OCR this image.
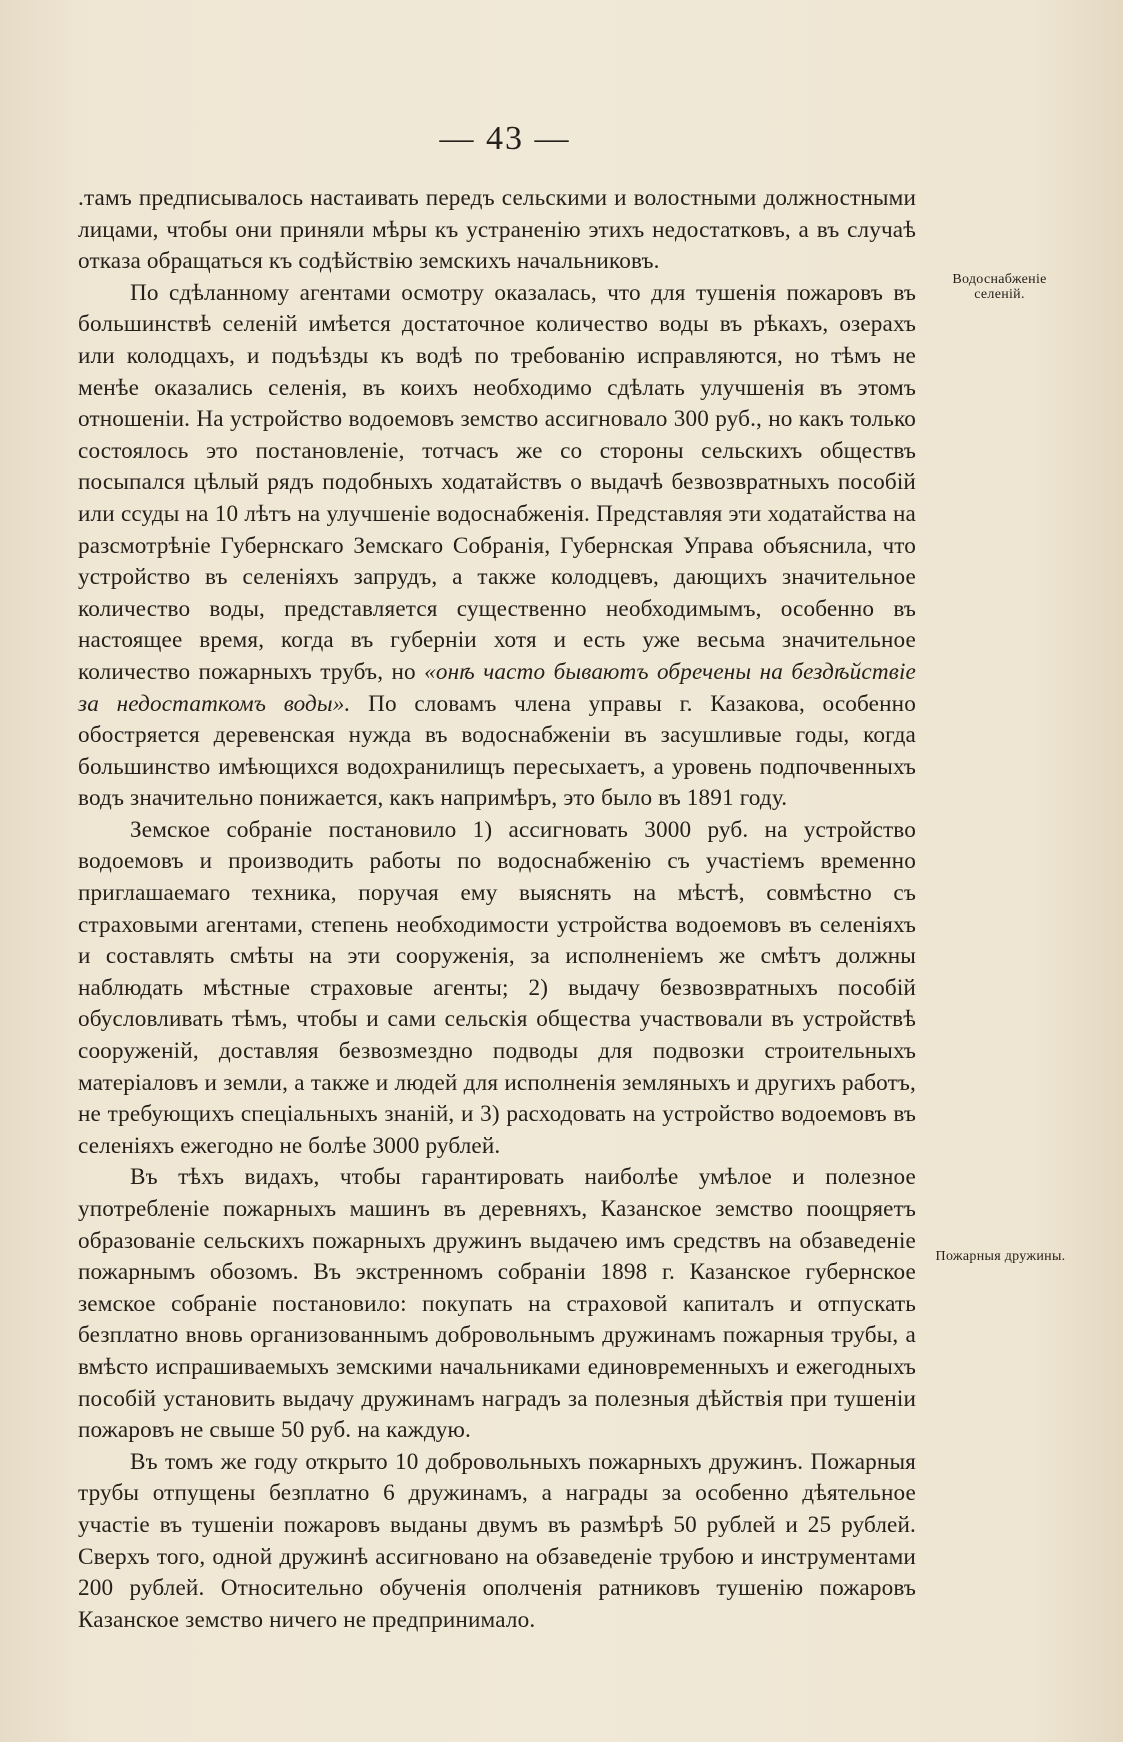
— 43 —
Водоснабженіе селеній.
Пожарныя дружины.

.тамъ предписывалось настаивать передъ сельскими и волостными должностными лицами, чтобы они приняли мѣры къ устраненію этихъ недостатковъ, а въ случаѣ отказа обращаться къ содѣйствію земскихъ начальниковъ.

По сдѣланному агентами осмотру оказалась, что для тушенія пожаровъ въ большинствѣ селеній имѣется достаточное количество воды въ рѣкахъ, озерахъ или колодцахъ, и подъѣзды къ водѣ по требованію исправляются, но тѣмъ не менѣе оказались селенія, въ коихъ необходимо сдѣлать улучшенія въ этомъ отношеніи. На устройство водоемовъ земство ассигновало 300 руб., но какъ только состоялось это постановленіе, тотчасъ же со стороны сельскихъ обществъ посыпался цѣлый рядъ подобныхъ ходатайствъ о выдачѣ безвозвратныхъ пособій или ссуды на 10 лѣтъ на улучшеніе водоснабженія. Представляя эти ходатайства на разсмотрѣніе Губернскаго Земскаго Собранія, Губернская Управа объяснила, что устройство въ селеніяхъ запрудъ, а также колодцевъ, дающихъ значительное количество воды, представляется существенно необходимымъ, особенно въ настоящее время, когда въ губерніи хотя и есть уже весьма значительное количество пожарныхъ трубъ, но «онѣ часто бываютъ обречены на бездѣйствіе за недостаткомъ воды». По словамъ члена управы г. Казакова, особенно обостряется деревенская нужда въ водоснабженіи въ засушливые годы, когда большинство имѣющихся водохранилищъ пересыхаетъ, а уровень подпочвенныхъ водъ значительно понижается, какъ напримѣръ, это было въ 1891 году.

Земское собраніе постановило 1) ассигновать 3000 руб. на устройство водоемовъ и производить работы по водоснабженію съ участіемъ временно приглашаемаго техника, поручая ему выяснять на мѣстѣ, совмѣстно съ страховыми агентами, степень необходимости устройства водоемовъ въ селеніяхъ и составлять смѣты на эти сооруженія, за исполненіемъ же смѣтъ должны наблюдать мѣстные страховые агенты; 2) выдачу безвозвратныхъ пособій обусловливать тѣмъ, чтобы и сами сельскія общества участвовали въ устройствѣ сооруженій, доставляя безвозмездно подводы для подвозки строительныхъ матеріаловъ и земли, а также и людей для исполненія земляныхъ и другихъ работъ, не требующихъ спеціальныхъ знаній, и 3) расходовать на устройство водоемовъ въ селеніяхъ ежегодно не болѣе 3000 рублей.

Въ тѣхъ видахъ, чтобы гарантировать наиболѣе умѣлое и полезное употребленіе пожарныхъ машинъ въ деревняхъ, Казанское земство поощряетъ образованіе сельскихъ пожарныхъ дружинъ выдачею имъ средствъ на обзаведеніе пожарнымъ обозомъ. Въ экстренномъ собраніи 1898 г. Казанское губернское земское собраніе постановило: покупать на страховой капиталъ и отпускать безплатно вновь организованнымъ добровольнымъ дружинамъ пожарныя трубы, а вмѣсто испрашиваемыхъ земскими начальниками единовременныхъ и ежегодныхъ пособій установить выдачу дружинамъ наградъ за полезныя дѣйствія при тушеніи пожаровъ не свыше 50 руб. на каждую.

Въ томъ же году открыто 10 добровольныхъ пожарныхъ дружинъ. Пожарныя трубы отпущены безплатно 6 дружинамъ, а награды за особенно дѣятельное участіе въ тушеніи пожаровъ выданы двумъ въ размѣрѣ 50 рублей и 25 рублей. Сверхъ того, одной дружинѣ ассигновано на обзаведеніе трубою и инструментами 200 рублей. Относительно обученія ополченія ратниковъ тушенію пожаровъ Казанское земство ничего не предпринимало.
